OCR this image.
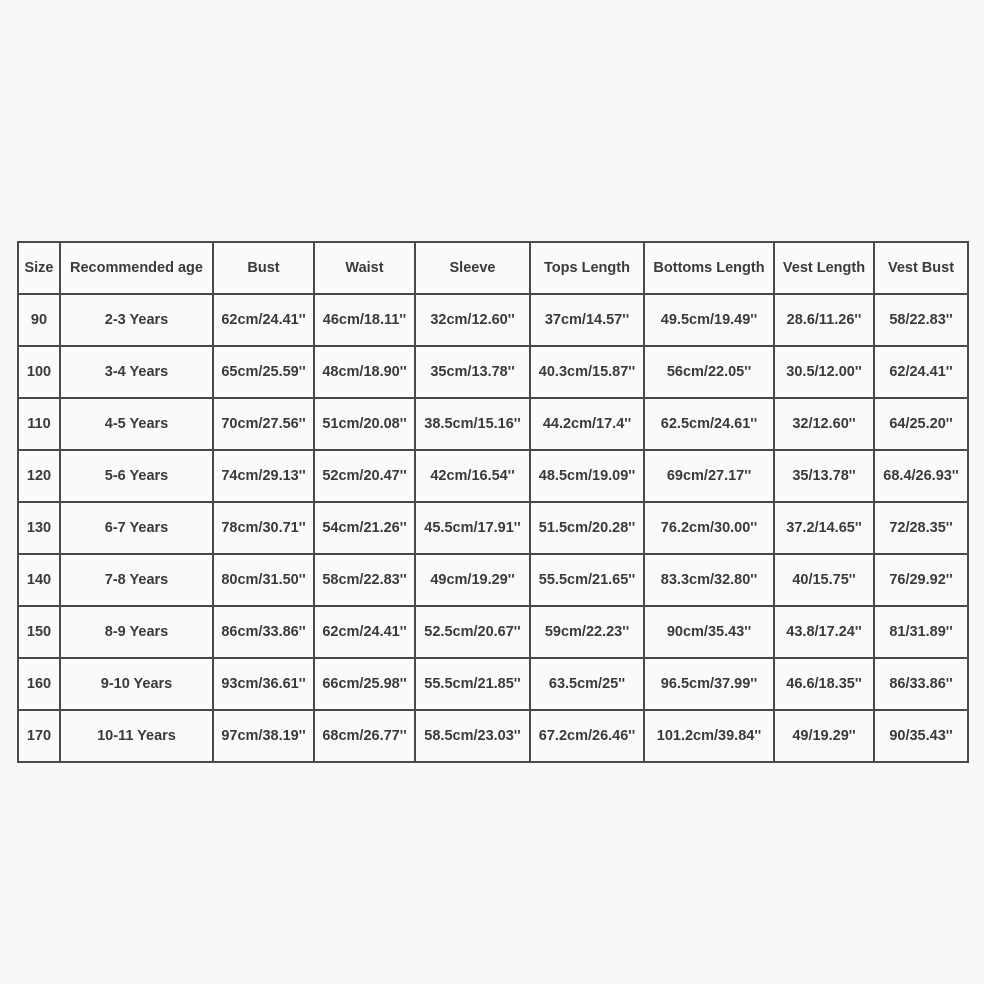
Size	Recommended age	Bust	Waist	Sleeve	Tops Length	Bottoms Length	Vest Length	Vest Bust
90	2-3 Years	62cm/24.41''	46cm/18.11''	32cm/12.60''	37cm/14.57''	49.5cm/19.49''	28.6/11.26''	58/22.83''
100	3-4 Years	65cm/25.59''	48cm/18.90''	35cm/13.78''	40.3cm/15.87''	56cm/22.05''	30.5/12.00''	62/24.41''
110	4-5 Years	70cm/27.56''	51cm/20.08''	38.5cm/15.16''	44.2cm/17.4''	62.5cm/24.61''	32/12.60''	64/25.20''
120	5-6 Years	74cm/29.13''	52cm/20.47''	42cm/16.54''	48.5cm/19.09''	69cm/27.17''	35/13.78''	68.4/26.93''
130	6-7 Years	78cm/30.71''	54cm/21.26''	45.5cm/17.91''	51.5cm/20.28''	76.2cm/30.00''	37.2/14.65''	72/28.35''
140	7-8 Years	80cm/31.50''	58cm/22.83''	49cm/19.29''	55.5cm/21.65''	83.3cm/32.80''	40/15.75''	76/29.92''
150	8-9 Years	86cm/33.86''	62cm/24.41''	52.5cm/20.67''	59cm/22.23''	90cm/35.43''	43.8/17.24''	81/31.89''
160	9-10 Years	93cm/36.61''	66cm/25.98''	55.5cm/21.85''	63.5cm/25''	96.5cm/37.99''	46.6/18.35''	86/33.86''
170	10-11 Years	97cm/38.19''	68cm/26.77''	58.5cm/23.03''	67.2cm/26.46''	101.2cm/39.84''	49/19.29''	90/35.43''
